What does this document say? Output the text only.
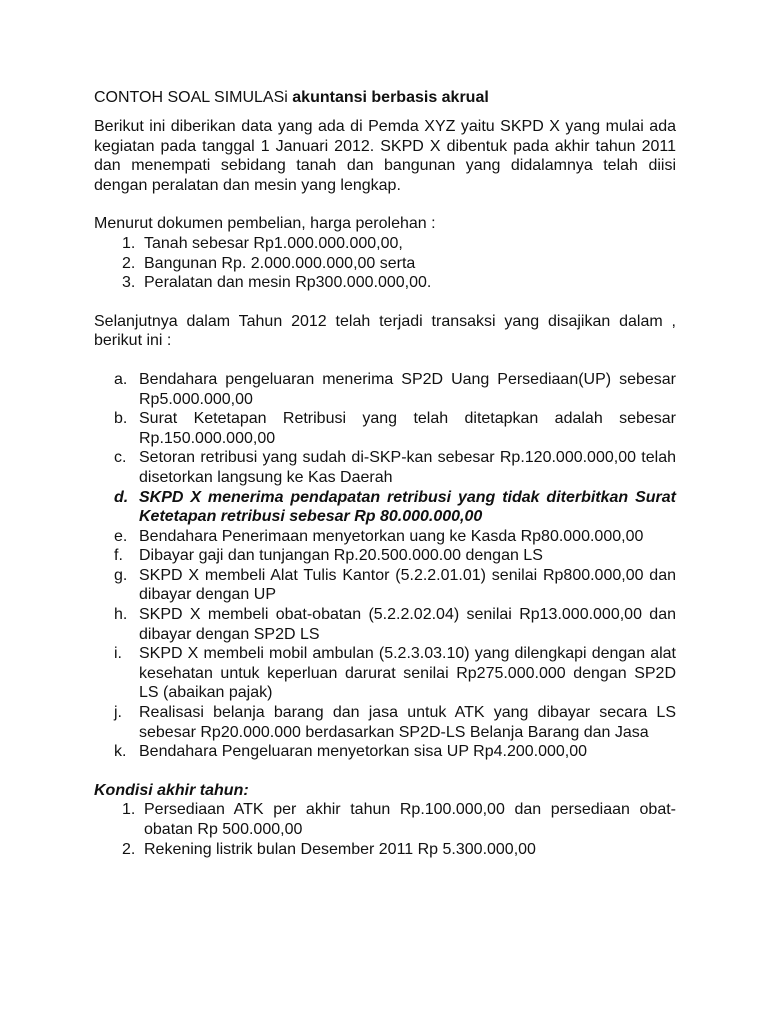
CONTOH SOAL SIMULASi akuntansi berbasis akrual

Berikut ini diberikan data yang ada di Pemda XYZ yaitu SKPD X yang mulai ada kegiatan pada tanggal 1 Januari 2012. SKPD X dibentuk pada akhir tahun 2011 dan menempati sebidang tanah dan bangunan yang didalamnya telah diisi dengan peralatan dan mesin yang lengkap.

Menurut dokumen pembelian, harga perolehan :

1. Tanah sebesar Rp1.000.000.000,00,
2. Bangunan Rp. 2.000.000.000,00 serta
3. Peralatan dan mesin Rp300.000.000,00.

Selanjutnya dalam Tahun 2012 telah terjadi transaksi yang disajikan dalam , berikut ini :

a. Bendahara pengeluaran menerima SP2D Uang Persediaan(UP) sebesar Rp5.000.000,00
b. Surat Ketetapan Retribusi yang telah ditetapkan adalah sebesar Rp.150.000.000,00
c. Setoran retribusi yang sudah di-SKP-kan sebesar Rp.120.000.000,00 telah disetorkan langsung ke Kas Daerah
d. SKPD X menerima pendapatan retribusi yang tidak diterbitkan Surat Ketetapan retribusi sebesar Rp 80.000.000,00
e. Bendahara Penerimaan menyetorkan uang ke Kasda Rp80.000.000,00
f.	Dibayar gaji dan tunjangan Rp.20.500.000.00 dengan LS
g. SKPD X membeli Alat Tulis Kantor (5.2.2.01.01) senilai Rp800.000,00 dan dibayar dengan UP
h. SKPD X membeli obat-obatan (5.2.2.02.04) senilai Rp13.000.000,00 dan dibayar dengan SP2D LS
i.	SKPD X membeli mobil ambulan (5.2.3.03.10) yang dilengkapi dengan alat kesehatan untuk keperluan darurat senilai Rp275.000.000 dengan SP2D LS (abaikan pajak)
j.	Realisasi belanja barang dan jasa untuk ATK yang dibayar secara LS sebesar Rp20.000.000 berdasarkan SP2D-LS Belanja Barang dan Jasa
k. Bendahara Pengeluaran menyetorkan sisa UP Rp4.200.000,00
Kondisi akhir tahun:
1. Persediaan ATK per akhir tahun Rp.100.000,00 dan persediaan obat-obatan Rp 500.000,00
2. Rekening listrik bulan Desember 2011 Rp 5.300.000,00
